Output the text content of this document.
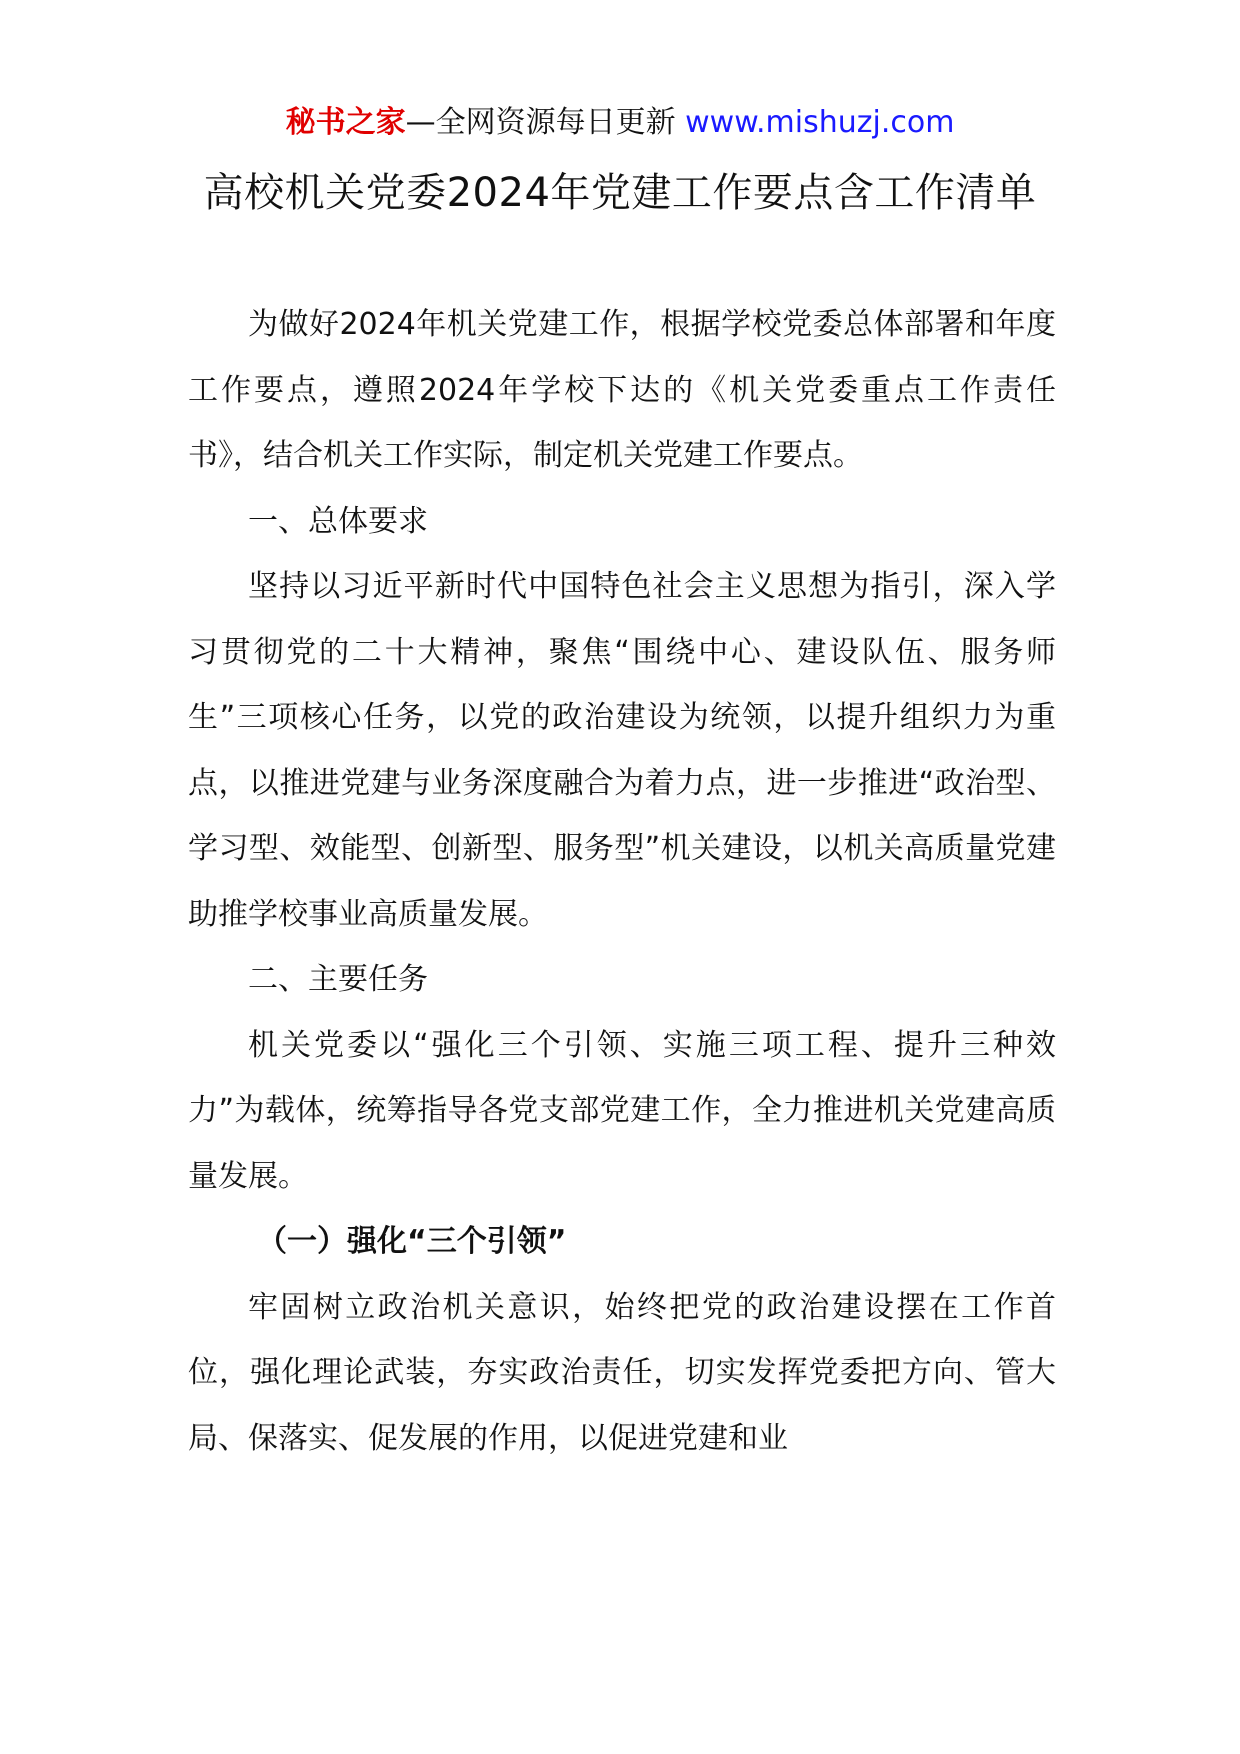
秘书之家—全网资源每日更新 www.mishuzj.com
高校机关党委2024年党建工作要点含工作清单

为做好2024年机关党建工作，根据学校党委总体部署和年度工作要点，遵照2024年学校下达的《机关党委重点工作责任书》，结合机关工作实际，制定机关党建工作要点。

一、总体要求

坚持以习近平新时代中国特色社会主义思想为指引，深入学习贯彻党的二十大精神，聚焦“围绕中心、建设队伍、服务师生”三项核心任务，以党的政治建设为统领，以提升组织力为重点，以推进党建与业务深度融合为着力点，进一步推进“政治型、学习型、效能型、创新型、服务型”机关建设，以机关高质量党建助推学校事业高质量发展。

二、主要任务

机关党委以“强化三个引领、实施三项工程、提升三种效力”为载体，统筹指导各党支部党建工作，全力推进机关党建高质量发展。

（一）强化“三个引领”

牢固树立政治机关意识，始终把党的政治建设摆在工作首位，强化理论武装，夯实政治责任，切实发挥党委把方向、管大局、保落实、促发展的作用，以促进党建和业
